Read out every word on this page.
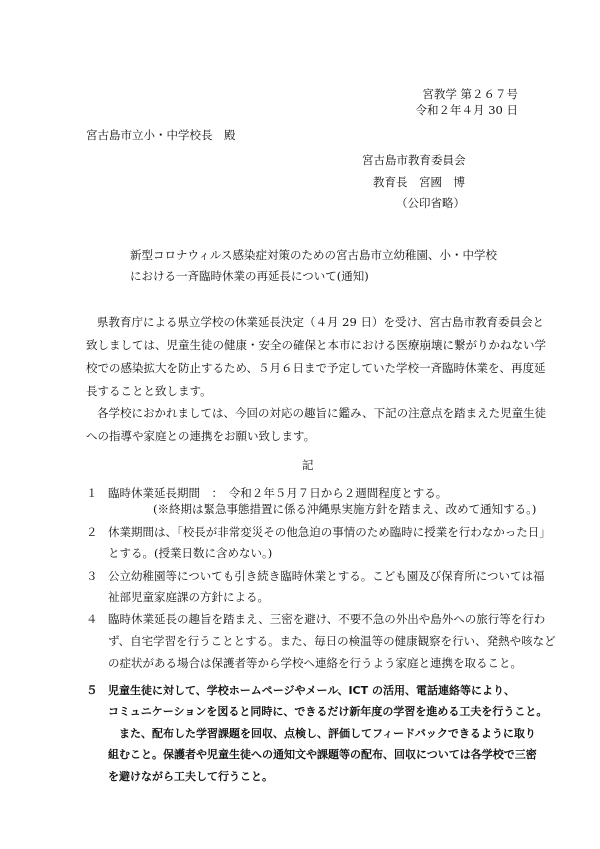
宮教学 第２６７号
令和２年４月 30 日
宮古島市立小・中学校長　殿
宮古島市教育委員会
教育長　宮國　博
（公印省略）
新型コロナウィルス感染症対策のための宮古島市立幼稚園、小・中学校
における一斉臨時休業の再延長について(通知)
県教育庁による県立学校の休業延長決定（４月 29 日）を受け、宮古島市教育委員会と
致しましては、児童生徒の健康・安全の確保と本市における医療崩壊に繋がりかねない学
校での感染拡大を防止するため、５月６日まで予定していた学校一斉臨時休業を、再度延
長することと致します。
各学校におかれましては、今回の対応の趣旨に鑑み、下記の注意点を踏まえた児童生徒
への指導や家庭との連携をお願い致します。
記
１ 臨時休業延長期間　：　令和２年５月７日から２週間程度とする。
(※終期は緊急事態措置に係る沖縄県実施方針を踏まえ、改めて通知する。)
２ 休業期間は、｢校長が非常変災その他急迫の事情のため臨時に授業を行わなかった日｣
とする。(授業日数に含めない。)
３ 公立幼稚園等についても引き続き臨時休業とする。こども園及び保育所については福
祉部児童家庭課の方針による。
４ 臨時休業延長の趣旨を踏まえ、三密を避け、不要不急の外出や島外への旅行等を行わ
ず、自宅学習を行うこととする。また、毎日の検温等の健康観察を行い、発熱や咳など
の症状がある場合は保護者等から学校へ連絡を行うよう家庭と連携を取ること。
５ 児童生徒に対して、学校ホームページやメール、ICT の活用、電話連絡等により、
コミュニケーションを図ると同時に、できるだけ新年度の学習を進める工夫を行うこと。
また、配布した学習課題を回収、点検し、評価してフィードバックできるように取り
組むこと。保護者や児童生徒への通知文や課題等の配布、回収については各学校で三密
を避けながら工夫して行うこと。
